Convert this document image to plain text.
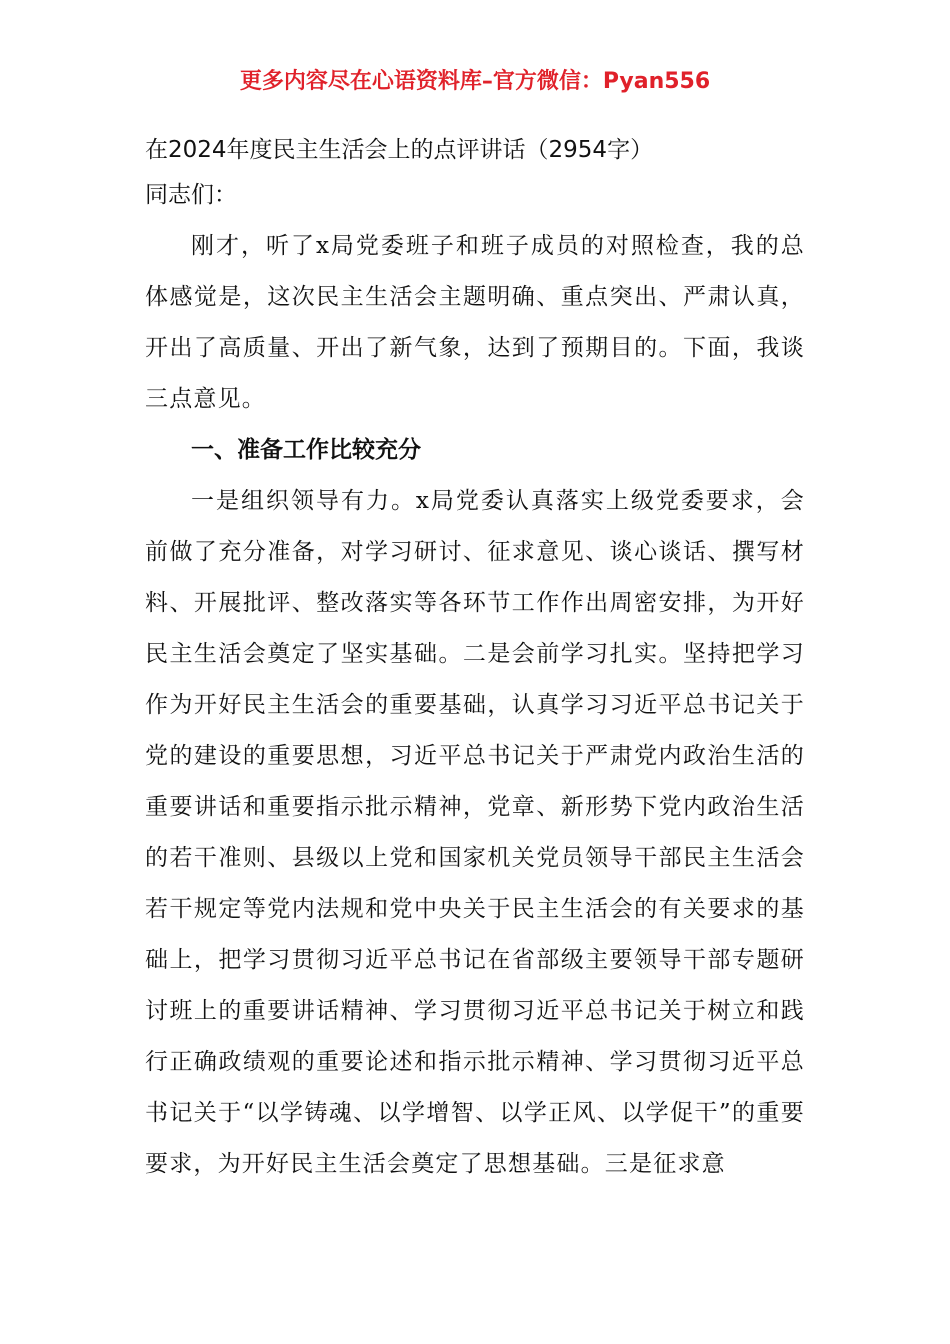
更多内容尽在心语资料库–官方微信：Pyan556

在2024年度民主生活会上的点评讲话（2954字）

同志们：

刚才，听了x局党委班子和班子成员的对照检查，我的总体感觉是，这次民主生活会主题明确、重点突出、严肃认真，开出了高质量、开出了新气象，达到了预期目的。下面，我谈三点意见。

一、准备工作比较充分

一是组织领导有力。x局党委认真落实上级党委要求，会前做了充分准备，对学习研讨、征求意见、谈心谈话、撰写材料、开展批评、整改落实等各环节工作作出周密安排，为开好民主生活会奠定了坚实基础。二是会前学习扎实。坚持把学习作为开好民主生活会的重要基础，认真学习习近平总书记关于党的建设的重要思想，习近平总书记关于严肃党内政治生活的重要讲话和重要指示批示精神，党章、新形势下党内政治生活的若干准则、县级以上党和国家机关党员领导干部民主生活会若干规定等党内法规和党中央关于民主生活会的有关要求的基础上，把学习贯彻习近平总书记在省部级主要领导干部专题研讨班上的重要讲话精神、学习贯彻习近平总书记关于树立和践行正确政绩观的重要论述和指示批示精神、学习贯彻习近平总书记关于“以学铸魂、以学增智、以学正风、以学促干”的重要要求，为开好民主生活会奠定了思想基础。三是征求意
